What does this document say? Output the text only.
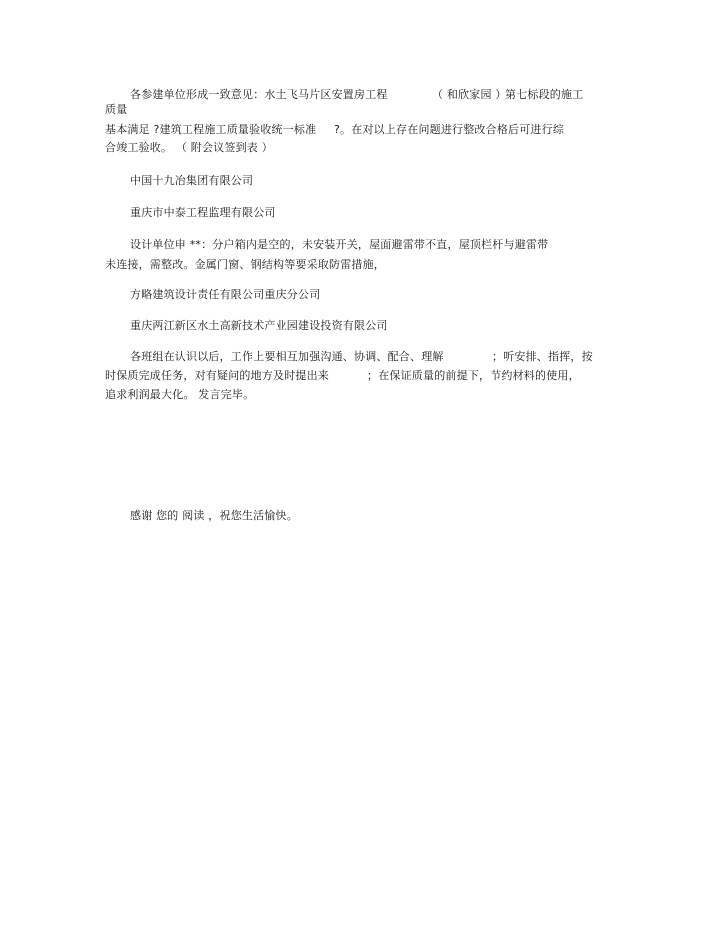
各参建单位形成一致意见：水土飞马片区安置房工程	（ 和欣家园 ）
第七标段的施工
质量
基本满足 ?建筑工程施工质量验收统一标准 ?。在对以上存在问题进行整改合格后可进行综
合竣工验收。 （ 附会议签到表 ）
中国十九冶集团有限公司
重庆市中泰工程监理有限公司
设计单位申 **：分户箱内是空的，未安装开关，屋面避雷带不直，屋顶栏杆与避雷带
未连接，需整改。金属门窗、钢结构等要采取防雷措施，
方略建筑设计责任有限公司重庆分公司
重庆两江新区水土高新技术产业园建设投资有限公司
各班组在认识以后，工作上要相互加强沟通、协调、配合、理解	；听安排、指挥，按
时保质完成任务，对有疑问的地方及时提出来	；在保证质量的前提下，节约材料的使用，
追求利润最大化。 发言完毕。
感谢 您的 阅读 ，祝您生活愉快。
